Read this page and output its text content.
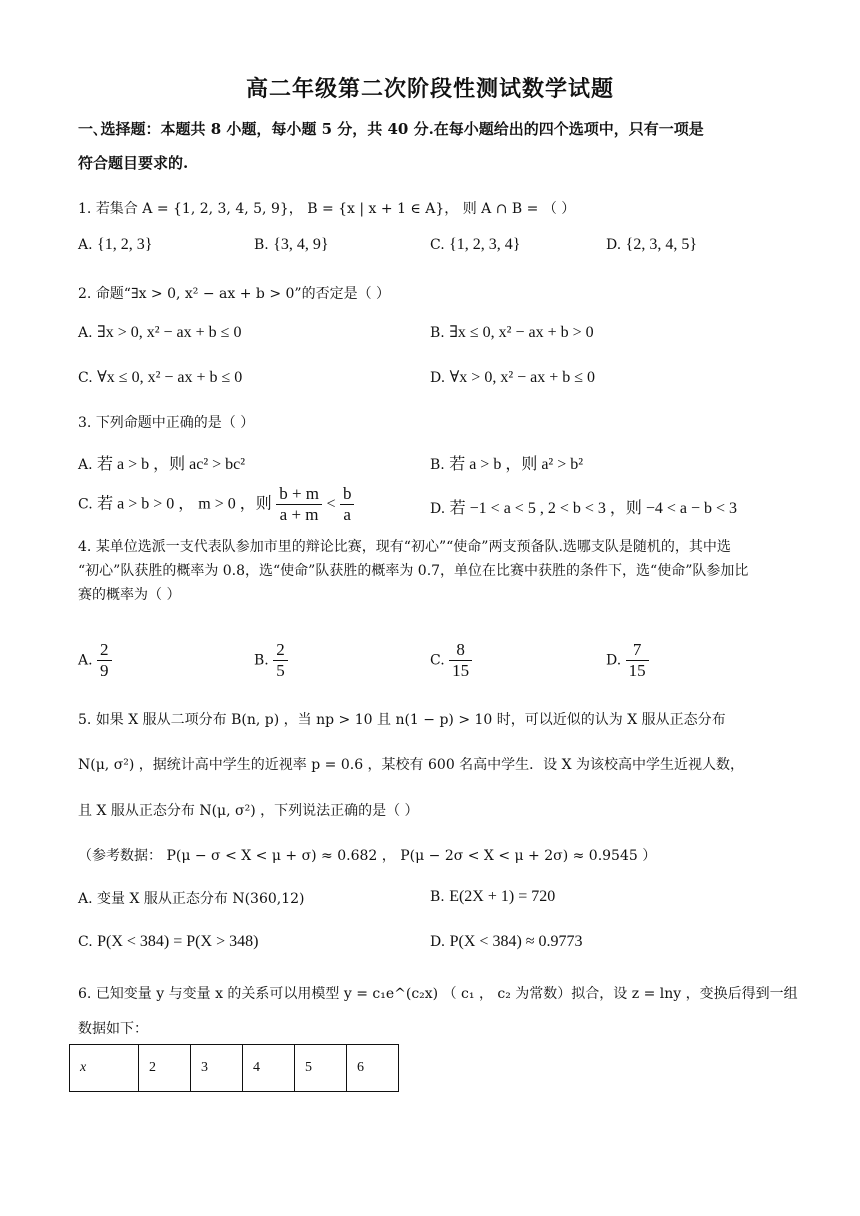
高二年级第二次阶段性测试数学试题
一､选择题：本题共 8 小题，每小题 5 分，共 40 分.在每小题给出的四个选项中，只有一项是
符合题目要求的.
1. 若集合 A = {1, 2, 3, 4, 5, 9}， B = {x | x + 1 ∈ A}， 则 A ∩ B = （ ）
A. {1, 2, 3}	B. {3, 4, 9}	C. {1, 2, 3, 4}	D. {2, 3, 4, 5}
2. 命题“∃x > 0, x² − ax + b > 0”的否定是（ ）
A. ∃x > 0, x² − ax + b ≤ 0	B. ∃x ≤ 0, x² − ax + b > 0
C. ∀x ≤ 0, x² − ax + b ≤ 0	D. ∀x > 0, x² − ax + b ≤ 0
3. 下列命题中正确的是（ ）
A. 若 a > b ，则 ac² > bc²	B. 若 a > b ，则 a² > b²
C. 若 a > b > 0 ， m > 0 ，则 $\frac{b + m}{a + m} < \frac{b}{a}$	D. 若 −1 < a < 5 , 2 < b < 3 ，则 −4 < a − b < 3
4. 某单位选派一支代表队参加市里的辩论比赛，现有“初心”“使命”两支预备队.选哪支队是随机的，其中选
“初心”队获胜的概率为 0.8，选“使命”队获胜的概率为 0.7，单位在比赛中获胜的条件下，选“使命”队参加比
赛的概率为（ ）
A. $\frac{2}{9}$	B. $\frac{2}{5}$	C. $\frac{8}{15}$	D. $\frac{7}{15}$
5. 如果 X 服从二项分布 B(n, p) ，当 np > 10 且 n(1 − p) > 10 时，可以近似的认为 X 服从正态分布
N(μ, σ²) ，据统计高中学生的近视率 p = 0.6 ，某校有 600 名高中学生．设 X 为该校高中学生近视人数，
且 X 服从正态分布 N(μ, σ²) ，下列说法正确的是（ ）
（参考数据： P(μ − σ < X < μ + σ) ≈ 0.682 ， P(μ − 2σ < X < μ + 2σ) ≈ 0.9545 ）
A. 变量 X 服从正态分布 N(360,12)	B. E(2X + 1) = 720
C. P(X < 384) = P(X > 348)	D. P(X < 384) ≈ 0.9773
6. 已知变量 y 与变量 x 的关系可以用模型 y = c₁e^(c₂x) （ c₁ ， c₂ 为常数）拟合，设 z = lny ，变换后得到一组
数据如下：
x	2	3	4	5	6
